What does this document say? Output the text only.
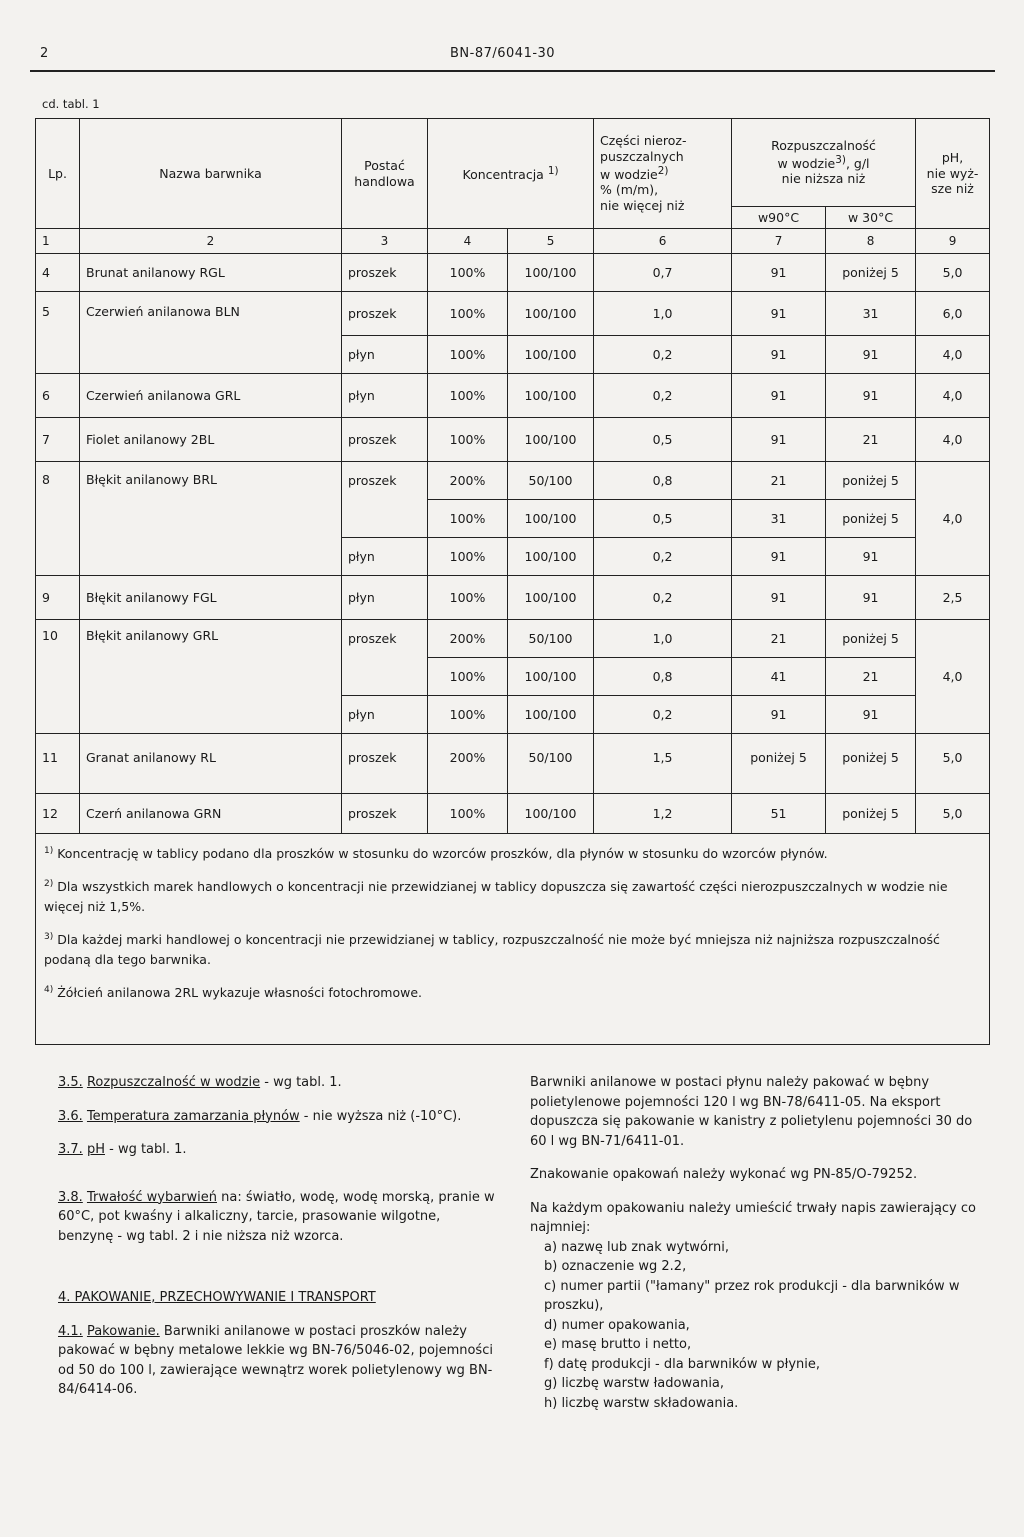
2	BN-87/6041-30
cd. tabl. 1
Lp.	Nazwa barwnika	Postać handlowa	Koncentracja $^{1)}$		Części nieroz-
puszczalnych
w wodzie$^{2)}$
% (m/m),
nie więcej niż	Rozpuszczalność
w wodzie$^{3)}$, g/l
nie niższa niż		pH,
nie wyż-
sze niż
						w90°C	w 30°C	
1	2	3	4	5	6	7	8	9
4	Brunat anilanowy RGL	proszek	100%	100/100	0,7	91	poniżej 5	5,0
5	Czerwień anilanowa BLN	proszek	100%	100/100	1,0	91	31	6,0
		płyn	100%	100/100	0,2	91	91	4,0
6	Czerwień anilanowa GRL	płyn	100%	100/100	0,2	91	91	4,0
7	Fiolet anilanowy 2BL	proszek	100%	100/100	0,5	91	21	4,0
8	Błękit anilanowy BRL	proszek	200%	50/100	0,8	21	poniżej 5	4,0
			100%	100/100	0,5	31	poniżej 5	
		płyn	100%	100/100	0,2	91	91	
9	Błękit anilanowy FGL	płyn	100%	100/100	0,2	91	91	2,5
10	Błękit anilanowy GRL	proszek	200%	50/100	1,0	21	poniżej 5	4,0
			100%	100/100	0,8	41	21	
		płyn	100%	100/100	0,2	91	91	
11	Granat anilanowy RL	proszek	200%	50/100	1,5	poniżej 5	poniżej 5	5,0
12	Czerń anilanowa GRN	proszek	100%	100/100	1,2	51	poniżej 5	5,0

$^{1)}$ Koncentrację w tablicy podano dla proszków w stosunku do wzorców proszków, dla płynów w stosunku do wzorców płynów.

$^{2)}$ Dla wszystkich marek handlowych o koncentracji nie przewidzianej w tablicy dopuszcza się zawartość części nierozpuszczalnych w wodzie nie więcej niż 1,5%.

$^{3)}$ Dla każdej marki handlowej o koncentracji nie przewidzianej w tablicy, rozpuszczalność nie może być mniejsza niż najniższa rozpuszczalność podaną dla tego barwnika.

$^{4)}$ Żółcień anilanowa 2RL wykazuje własności fotochromowe.								

3.5. Rozpuszczalność w wodzie - wg tabl. 1.

3.6. Temperatura zamarzania płynów - nie wyższa niż (-10°C).

3.7. pH - wg tabl. 1.

3.8. Trwałość wybarwień na: światło, wodę, wodę morską, pranie w 60°C, pot kwaśny i alkaliczny, tarcie, prasowanie wilgotne, benzynę - wg tabl. 2 i nie niższa niż wzorca.

4. PAKOWANIE, PRZECHOWYWANIE I TRANSPORT

4.1. Pakowanie. Barwniki anilanowe w postaci proszków należy pakować w bębny metalowe lekkie wg BN-76/5046-02, pojemności od 50 do 100 l, zawierające wewnątrz worek polietylenowy wg BN-84/6414-06.

Barwniki anilanowe w postaci płynu należy pakować w bębny polietylenowe pojemności 120 l wg BN-78/6411-05. Na eksport dopuszcza się pakowanie w kanistry z polietylenu pojemności 30 do 60 l wg BN-71/6411-01.

Znakowanie opakowań należy wykonać wg PN-85/O-79252.

Na każdym opakowaniu należy umieścić trwały napis zawierający co najmniej:

a) nazwę lub znak wytwórni,

b) oznaczenie wg 2.2,

c) numer partii ("łamany" przez rok produkcji - dla barwników w proszku),

d) numer opakowania,

e) masę brutto i netto,

f) datę produkcji - dla barwników w płynie,

g) liczbę warstw ładowania,

h) liczbę warstw składowania.
